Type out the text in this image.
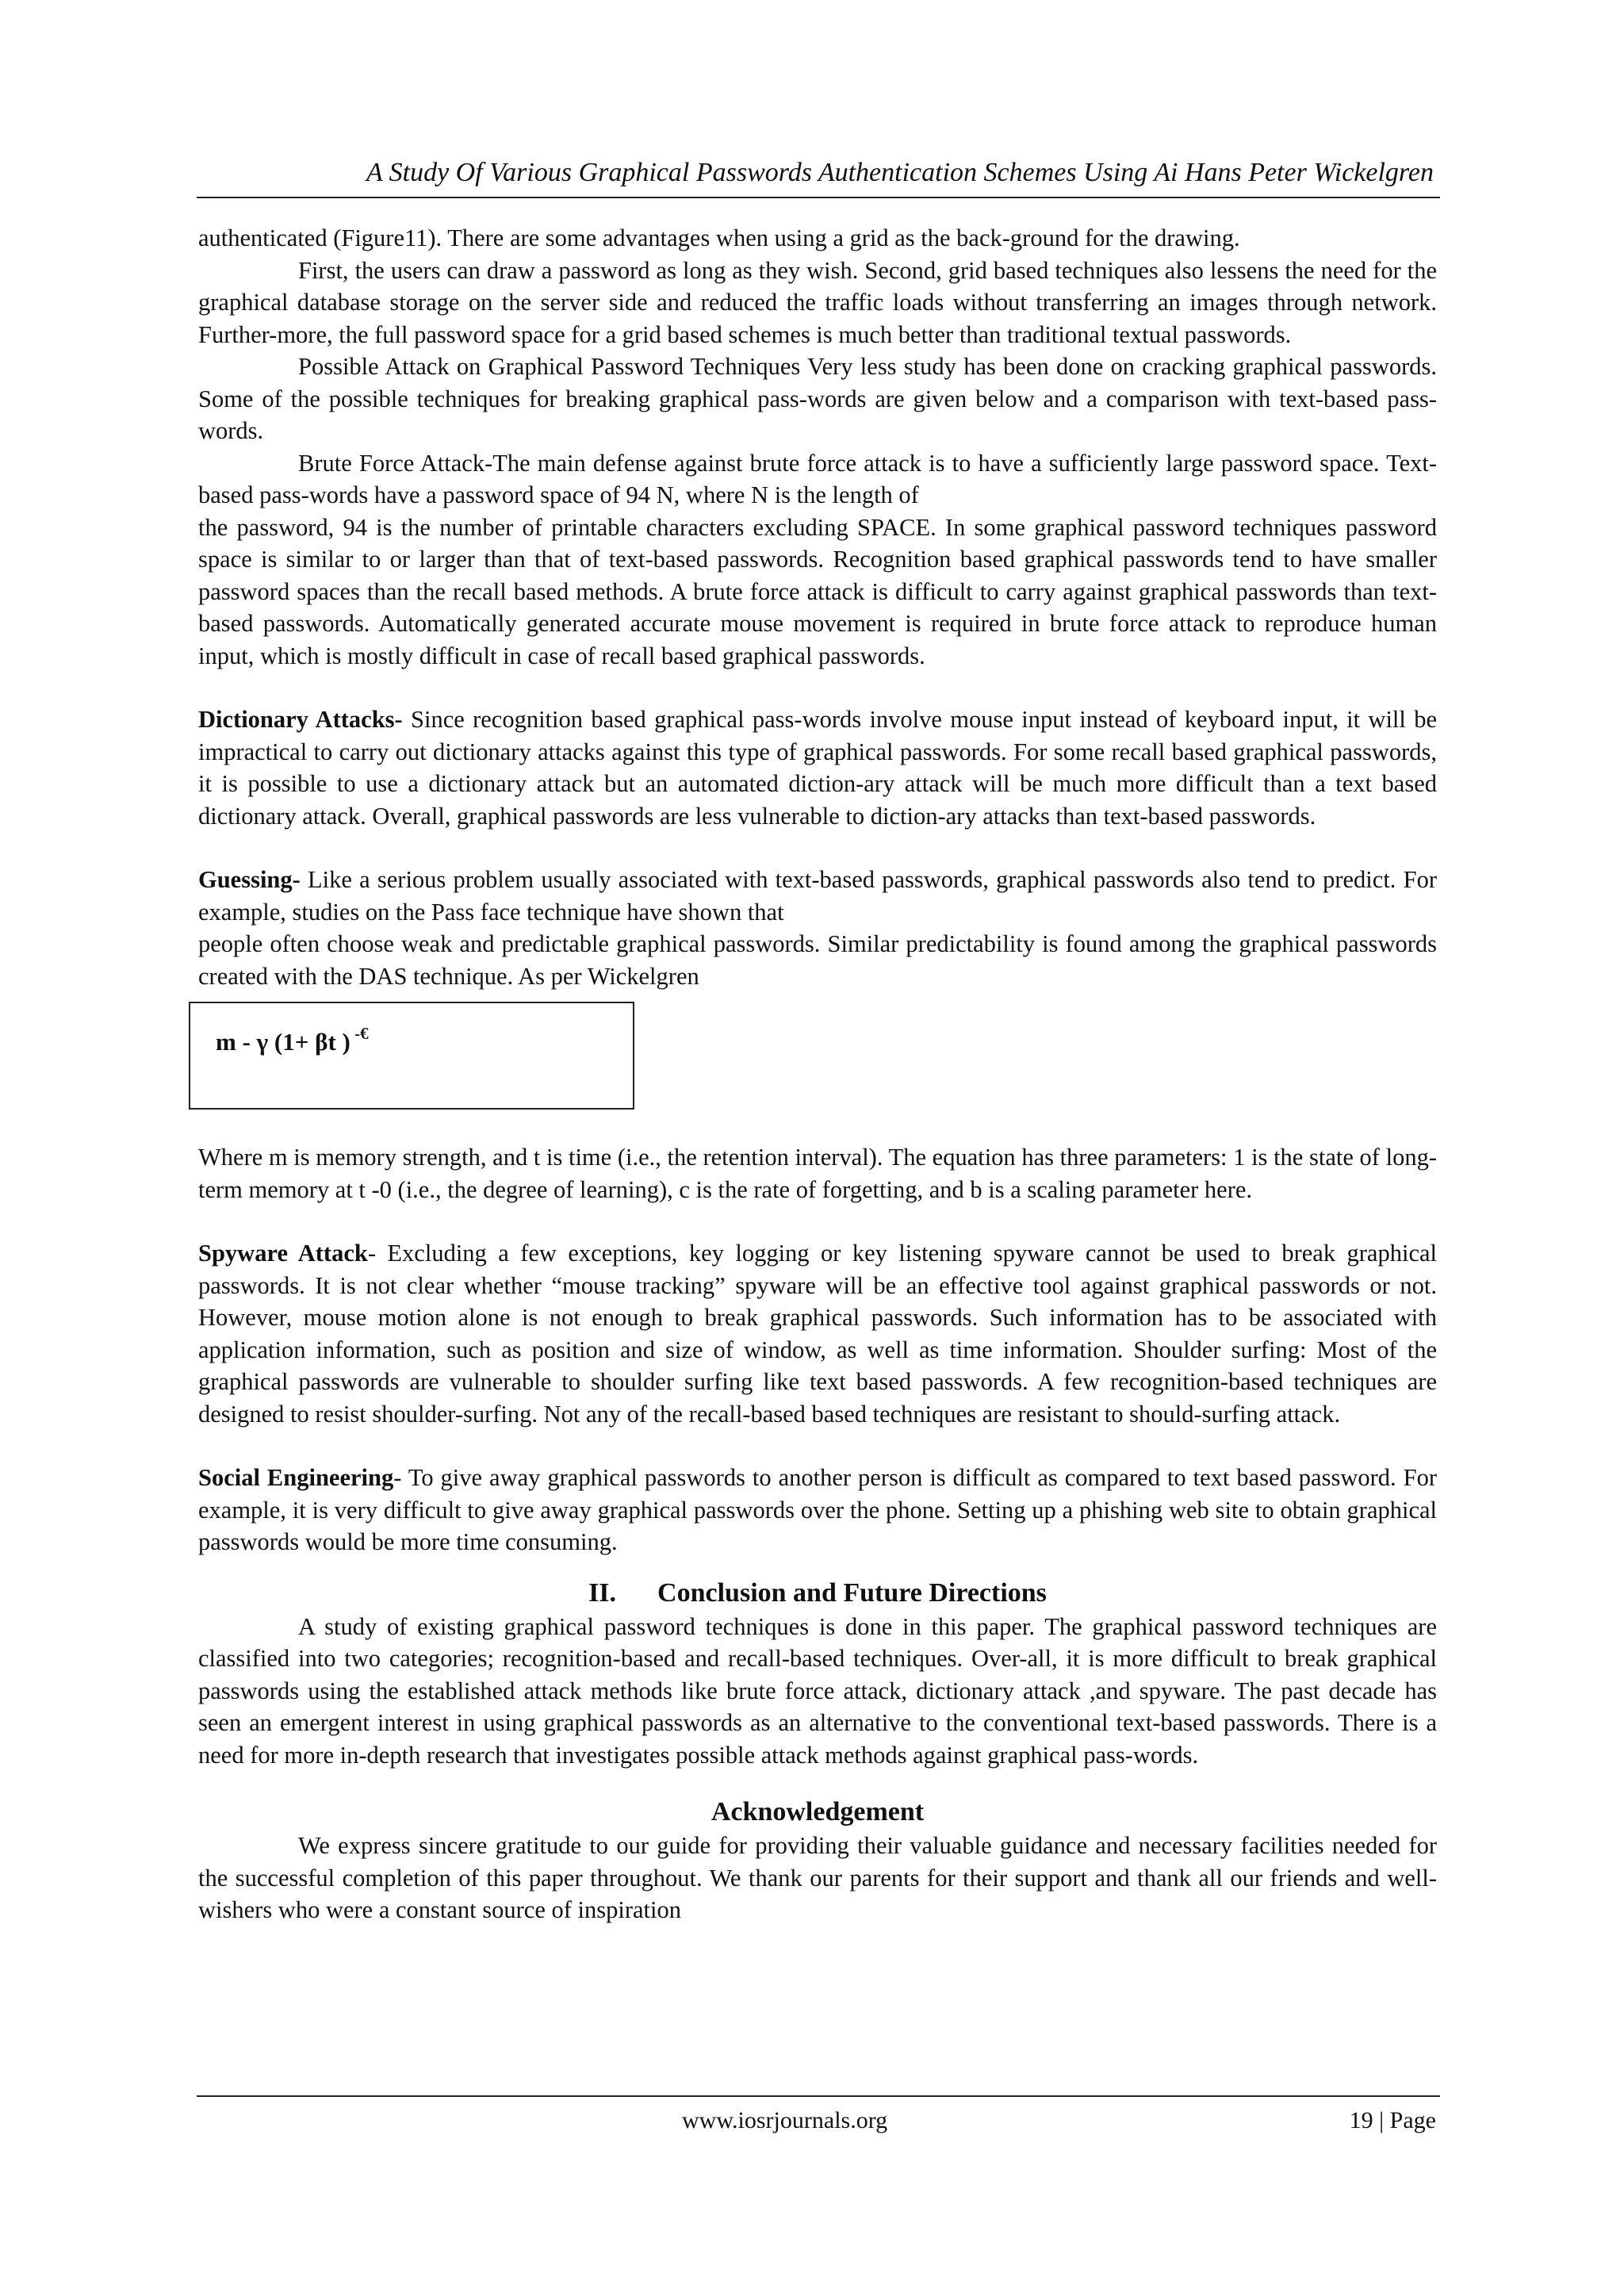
A Study Of Various Graphical Passwords Authentication Schemes Using Ai Hans Peter Wickelgren

authenticated (Figure11). There are some advantages when using a grid as the back-ground for the drawing.

First, the users can draw a password as long as they wish. Second, grid based techniques also lessens the need for the graphical database storage on the server side and reduced the traffic loads without transferring an images through network. Further-more, the full password space for a grid based schemes is much better than traditional textual passwords.

Possible Attack on Graphical Password Techniques Very less study has been done on cracking graphical passwords. Some of the possible techniques for breaking graphical pass-words are given below and a comparison with text-based pass-words.

Brute Force Attack-The main defense against brute force attack is to have a sufficiently large password space. Text-based pass-words have a password space of 94 N, where N is the length of

the password, 94 is the number of printable characters excluding SPACE. In some graphical password techniques password space is similar to or larger than that of text-based passwords. Recognition based graphical passwords tend to have smaller password spaces than the recall based methods. A brute force attack is difficult to carry against graphical passwords than text-based passwords. Automatically generated accurate mouse movement is required in brute force attack to reproduce human input, which is mostly difficult in case of recall based graphical passwords.

Dictionary Attacks- Since recognition based graphical pass-words involve mouse input instead of keyboard input, it will be impractical to carry out dictionary attacks against this type of graphical passwords. For some recall based graphical passwords, it is possible to use a dictionary attack but an automated diction-ary attack will be much more difficult than a text based dictionary attack. Overall, graphical passwords are less vulnerable to diction-ary attacks than text-based passwords.

Guessing- Like a serious problem usually associated with text-based passwords, graphical passwords also tend to predict. For example, studies on the Pass face technique have shown that

people often choose weak and predictable graphical passwords. Similar predictability is found among the graphical passwords created with the DAS technique. As per Wickelgren

m - γ (1+ βt ) -€

Where m is memory strength, and t is time (i.e., the retention interval). The equation has three parameters: 1 is the state of long- term memory at t -0 (i.e., the degree of learning), c is the rate of forgetting, and b is a scaling parameter here.

Spyware Attack- Excluding a few exceptions, key logging or key listening spyware cannot be used to break graphical passwords. It is not clear whether “mouse tracking” spyware will be an effective tool against graphical passwords or not. However, mouse motion alone is not enough to break graphical passwords. Such information has to be associated with application information, such as position and size of window, as well as time information. Shoulder surfing: Most of the graphical passwords are vulnerable to shoulder surfing like text based passwords. A few recognition-based techniques are designed to resist shoulder-surfing. Not any of the recall-based based techniques are resistant to should-surfing attack.

Social Engineering- To give away graphical passwords to another person is difficult as compared to text based password. For example, it is very difficult to give away graphical passwords over the phone. Setting up a phishing web site to obtain graphical passwords would be more time consuming.

II. Conclusion and Future Directions

A study of existing graphical password techniques is done in this paper. The graphical password techniques are classified into two categories; recognition-based and recall-based techniques. Over-all, it is more difficult to break graphical passwords using the established attack methods like brute force attack, dictionary attack ,and spyware. The past decade has seen an emergent interest in using graphical passwords as an alternative to the conventional text-based passwords. There is a need for more in-depth research that investigates possible attack methods against graphical pass-words.

Acknowledgement

We express sincere gratitude to our guide for providing their valuable guidance and necessary facilities needed for the successful completion of this paper throughout. We thank our parents for their support and thank all our friends and well-wishers who were a constant source of inspiration

www.iosrjournals.org	19 | Page
